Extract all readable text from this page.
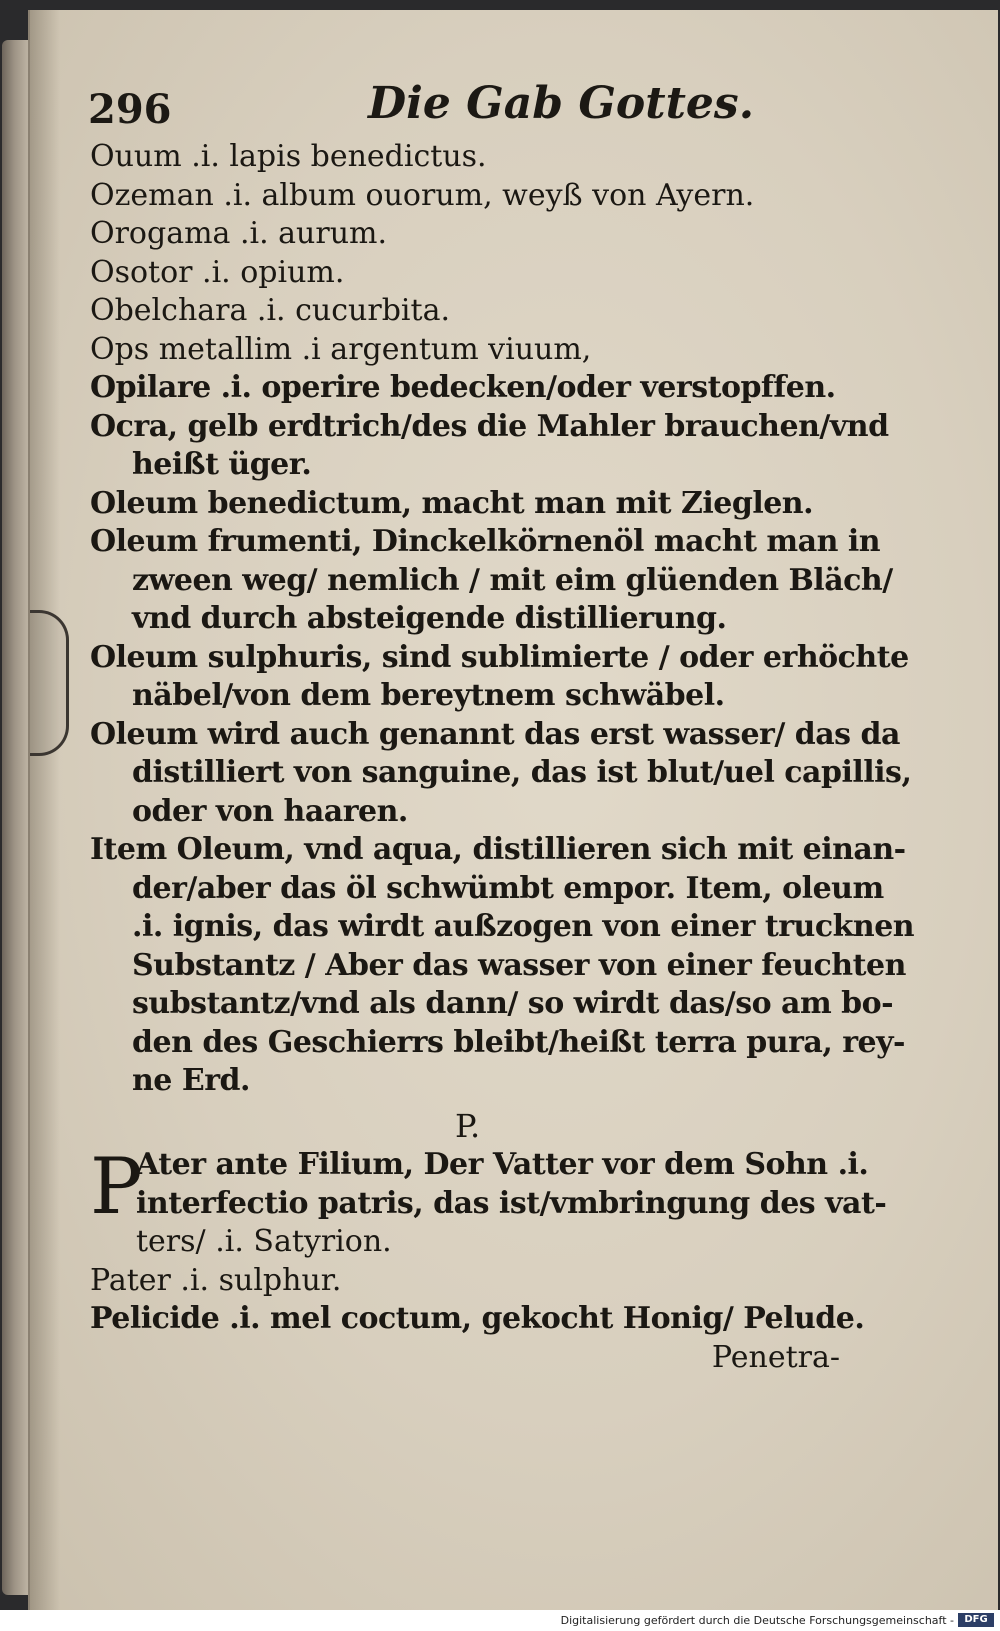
296	Die Gab Gottes.
Ouum .i. lapis benedictus.
Ozeman .i. album ouorum, weyß von Ayern.
Orogama .i. aurum.
Osotor .i. opium.
Obelchara .i. cucurbita.
Ops metallim .i argentum viuum,
Opilare .i. operire bedecken/oder verstopffen.
Ocra, gelb erdtrich/des die Mahler brauchen/vnd
heißt üger.
Oleum benedictum, macht man mit Zieglen.
Oleum frumenti, Dinckelkörnenöl macht man in
zween weg/ nemlich / mit eim glüenden Bläch/
vnd durch absteigende distillierung.
Oleum sulphuris, sind sublimierte / oder erhöchte
näbel/von dem bereytnem schwäbel.
Oleum wird auch genannt das erst wasser/ das da
distilliert von sanguine, das ist blut/uel capillis,
oder von haaren.
Item Oleum, vnd aqua, distillieren sich mit einan-
der/aber das öl schwümbt empor. Item, oleum
.i. ignis, das wirdt außzogen von einer trucknen
Substantz / Aber das wasser von einer feuchten
substantz/vnd als dann/ so wirdt das/so am bo-
den des Geschierrs bleibt/heißt terra pura, rey-
ne Erd.
P.
P
Ater ante Filium, Der Vatter vor dem Sohn .i.
interfectio patris, das ist/vmbringung des vat-
ters/ .i. Satyrion.
Pater .i. sulphur.
Pelicide .i. mel coctum, gekocht Honig/ Pelude.
Penetra-
Digitalisierung gefördert durch die Deutsche Forschungsgemeinschaft -	DFG
